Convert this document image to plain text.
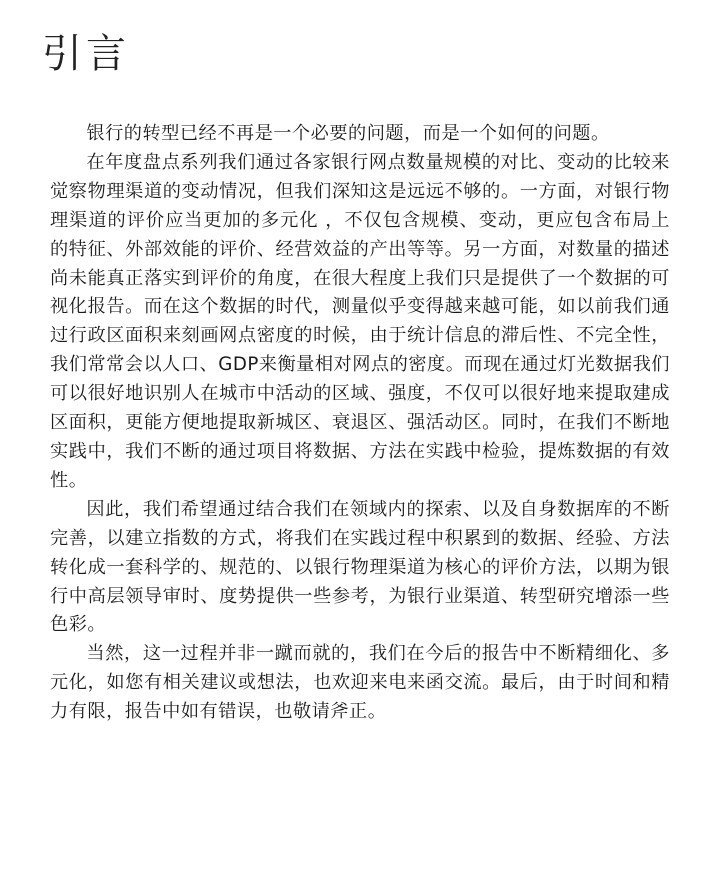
引言

银行的转型已经不再是一个必要的问题，而是一个如何的问题。

在年度盘点系列我们通过各家银行网点数量规模的对比、变动的比较来觉察物理渠道的变动情况，但我们深知这是远远不够的。一方面，对银行物理渠道的评价应当更加的多元化 ，不仅包含规模、变动，更应包含布局上的特征、外部效能的评价、经营效益的产出等等。另一方面，对数量的描述尚未能真正落实到评价的角度，在很大程度上我们只是提供了一个数据的可视化报告。而在这个数据的时代，测量似乎变得越来越可能，如以前我们通过行政区面积来刻画网点密度的时候，由于统计信息的滞后性、不完全性，我们常常会以人口、GDP来衡量相对网点的密度。而现在通过灯光数据我们可以很好地识别人在城市中活动的区域、强度，不仅可以很好地来提取建成区面积，更能方便地提取新城区、衰退区、强活动区。同时，在我们不断地实践中，我们不断的通过项目将数据、方法在实践中检验，提炼数据的有效性。

因此，我们希望通过结合我们在领域内的探索、以及自身数据库的不断完善，以建立指数的方式，将我们在实践过程中积累到的数据、经验、方法转化成一套科学的、规范的、以银行物理渠道为核心的评价方法，以期为银行中高层领导审时、度势提供一些参考，为银行业渠道、转型研究增添一些色彩。

当然，这一过程并非一蹴而就的，我们在今后的报告中不断精细化、多元化，如您有相关建议或想法，也欢迎来电来函交流。最后，由于时间和精力有限，报告中如有错误，也敬请斧正。
